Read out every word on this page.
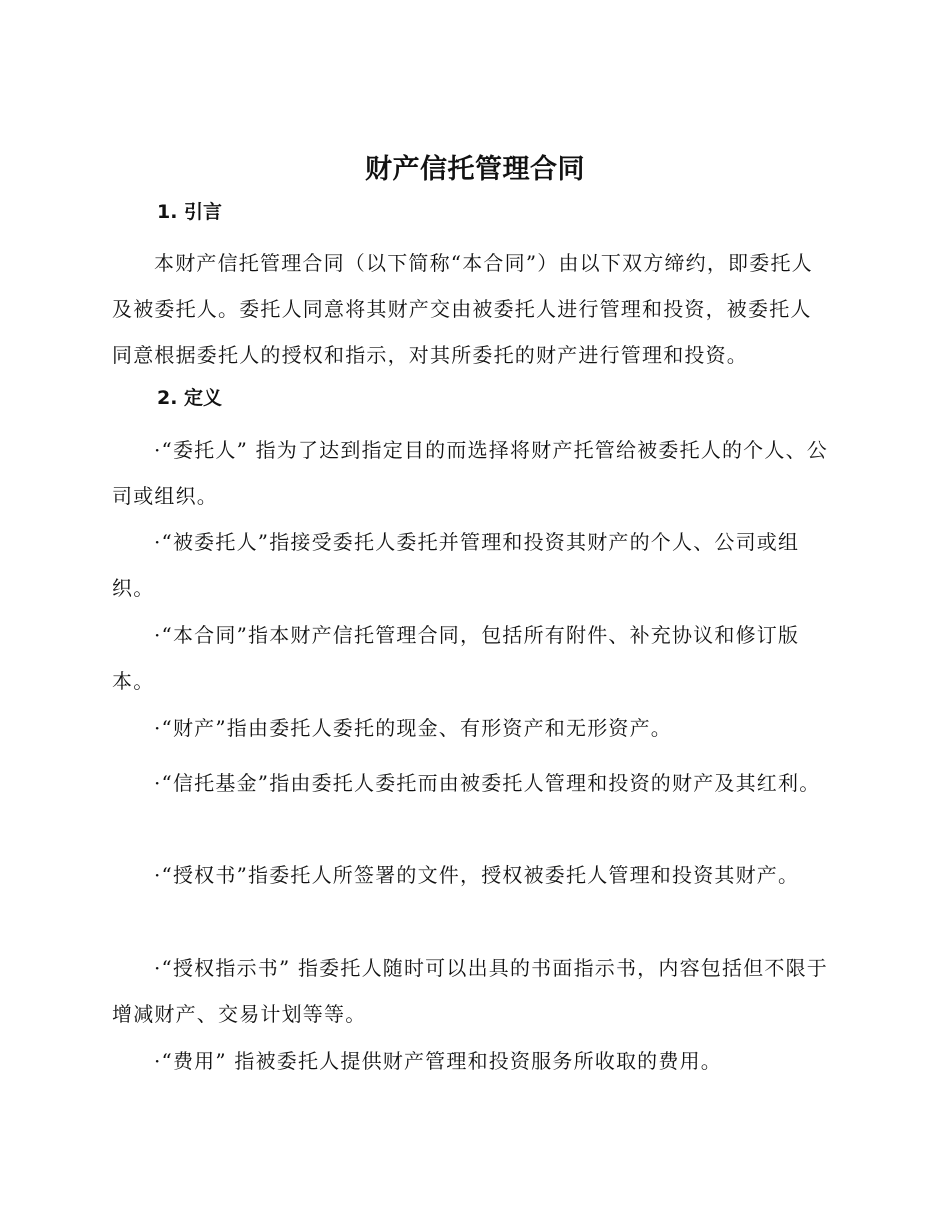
财产信托管理合同
1. 引言
本财产信托管理合同（以下简称“本合同”）由以下双方缔约，即委托人及被委托人。委托人同意将其财产交由被委托人进行管理和投资，被委托人同意根据委托人的授权和指示，对其所委托的财产进行管理和投资。
2. 定义
·“委托人” 指为了达到指定目的而选择将财产托管给被委托人的个人、公司或组织。
·“被委托人”指接受委托人委托并管理和投资其财产的个人、公司或组织。
·“本合同”指本财产信托管理合同，包括所有附件、补充协议和修订版本。
·“财产”指由委托人委托的现金、有形资产和无形资产。
·“信托基金”指由委托人委托而由被委托人管理和投资的财产及其红利。
·“授权书”指委托人所签署的文件，授权被委托人管理和投资其财产。
·“授权指示书” 指委托人随时可以出具的书面指示书，内容包括但不限于增减财产、交易计划等等。
·“费用” 指被委托人提供财产管理和投资服务所收取的费用。
